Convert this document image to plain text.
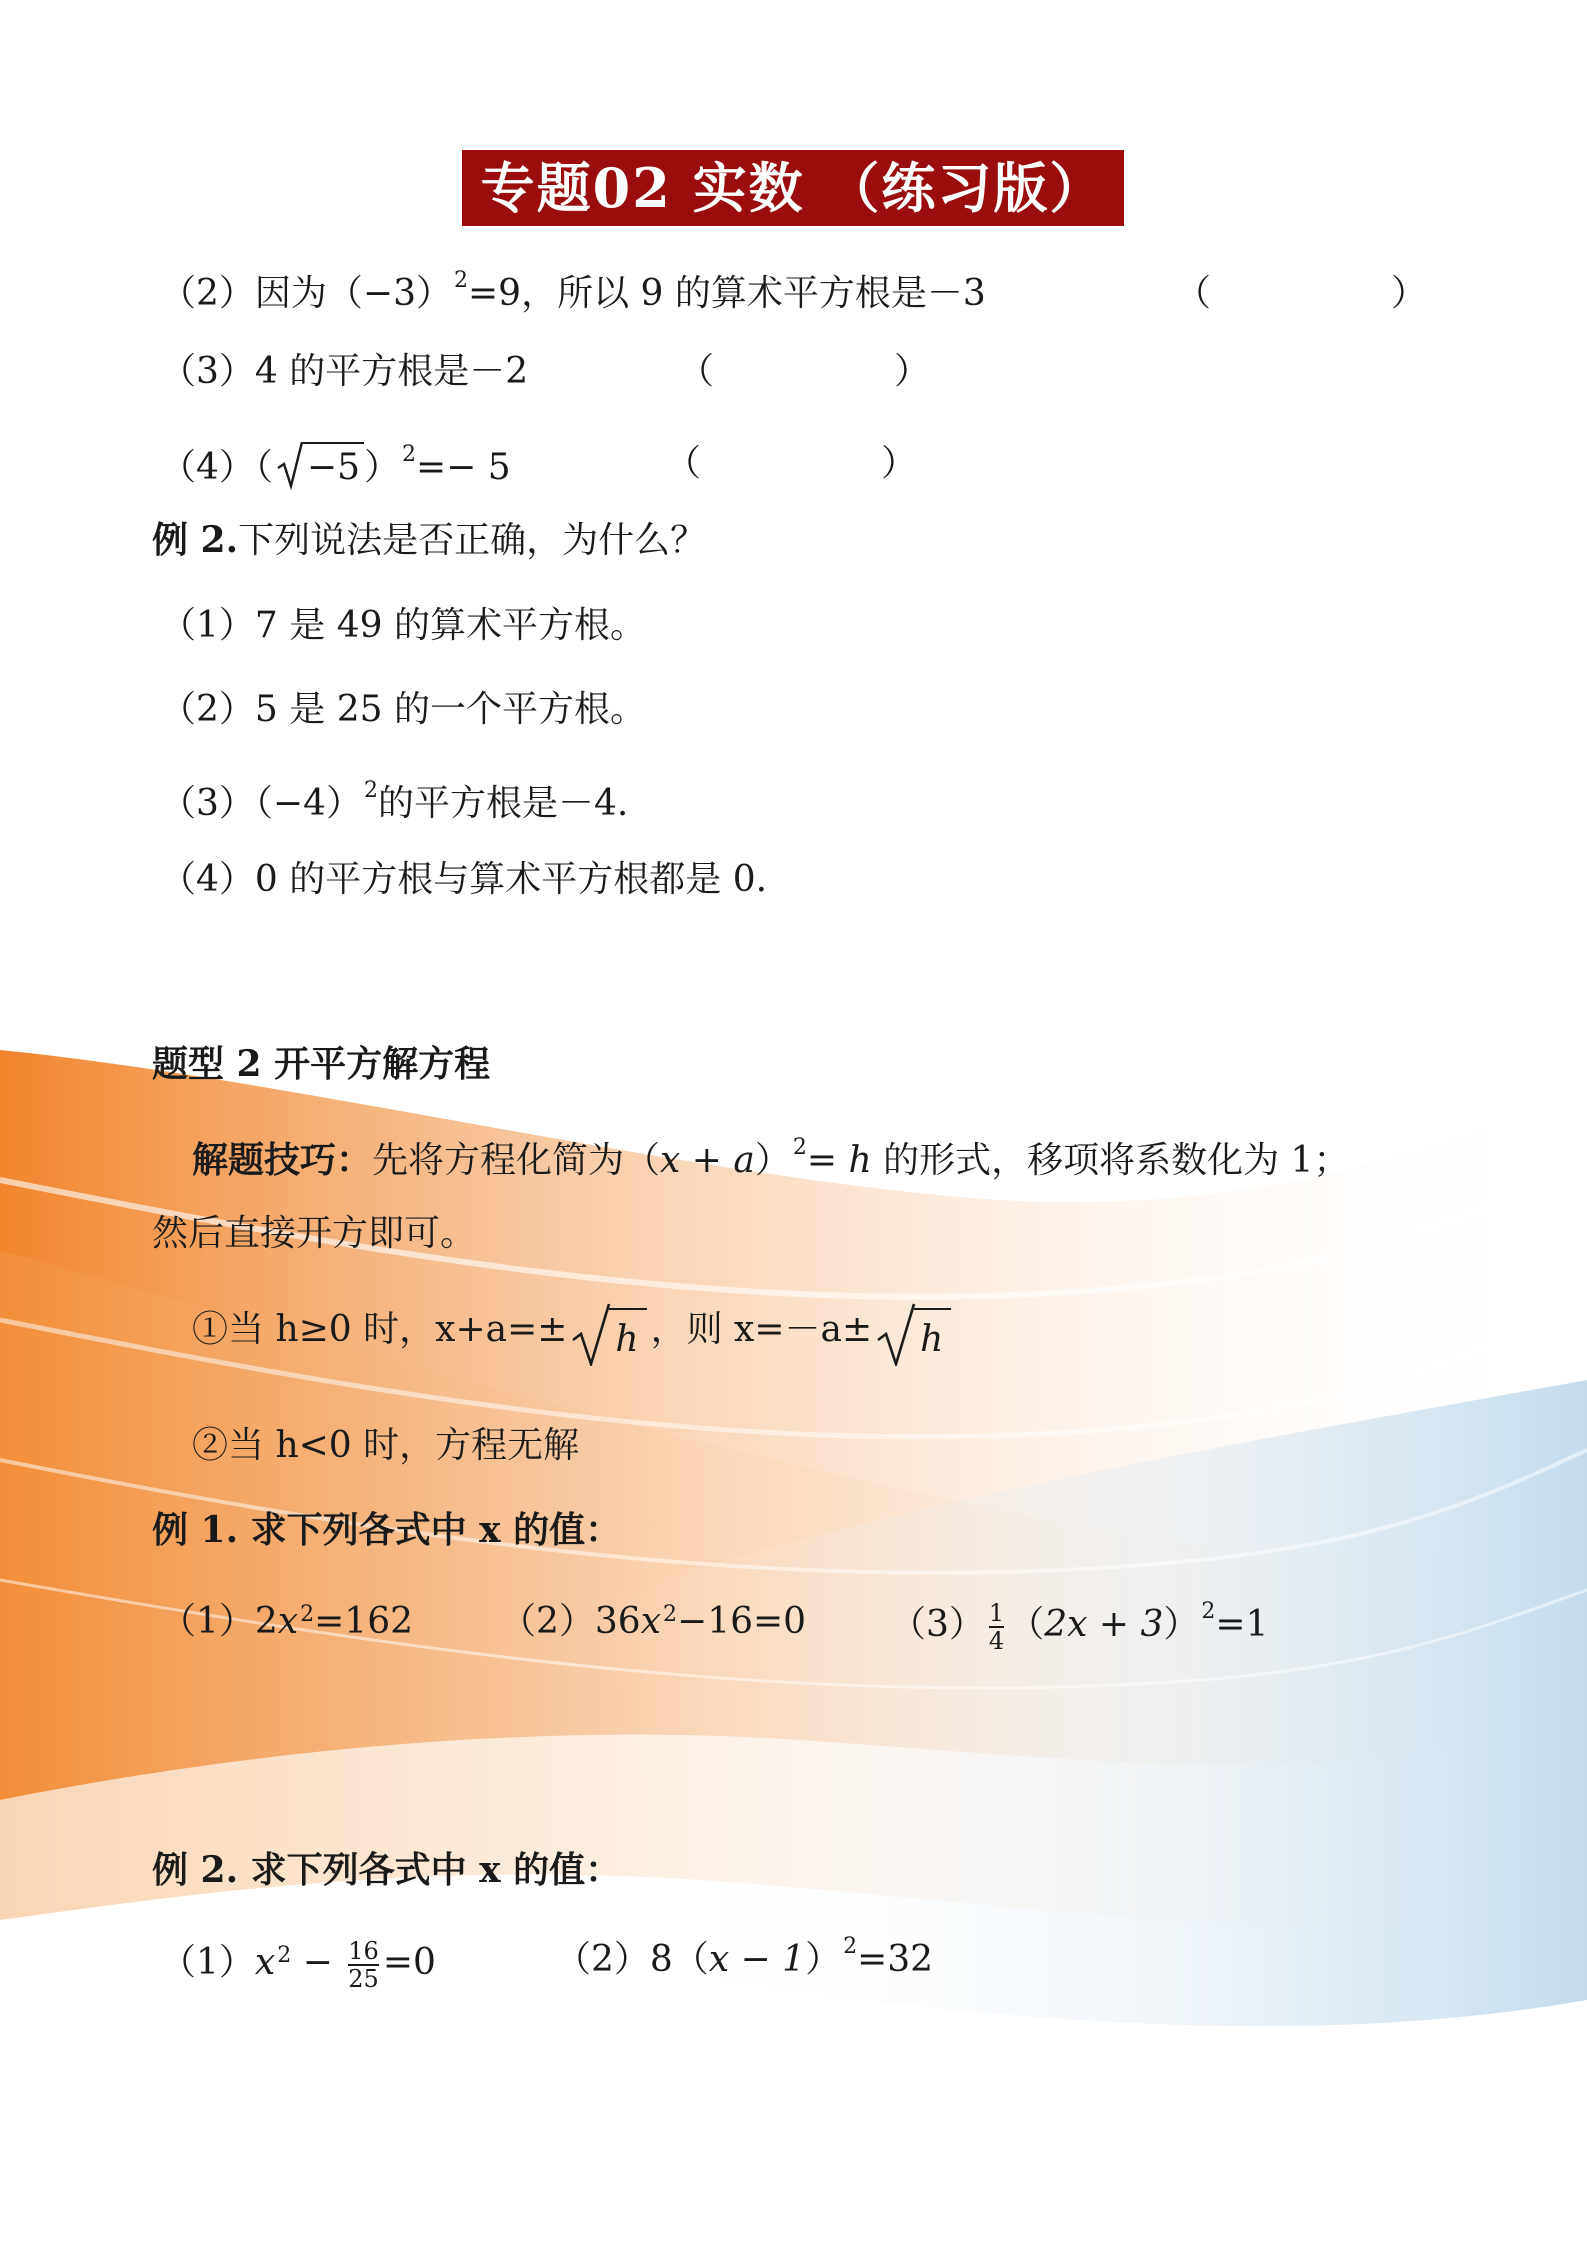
专题02 实数 （练习版）
（2）因为$(-3)^2=9$，所以 9 的算术平方根是－3	（　　　　　）
（3）4 的平方根是－2	（　　　　　）
（4）（ −5 ）$^2$=− 5	（　　　　　）
例 2.下列说法是否正确，为什么？
（1）7 是 49 的算术平方根。
（2）5 是 25 的一个平方根。
$(3)(-4)^2$的平方根是－4.
（4）0 的平方根与算术平方根都是 0.
题型 2 开平方解方程
解题技巧：先将方程化简为$(x + a)^2= h$ 的形式，移项将系数化为 1；
然后直接开方即可。
①当 h≥0 时，x+a=± h ，则 x=－a± h
②当 h<0 时，方程无解
例 1. 求下列各式中 x 的值：
$(1)2x^2=162$ $(2)36x^2-16=0$ $(3) \frac{1}{4} (2x + 3)^2=1$
例 2. 求下列各式中 x 的值：
$(1)x^2 - \frac{16}{25} =0$	$(2)8(x - 1)^2=32$
